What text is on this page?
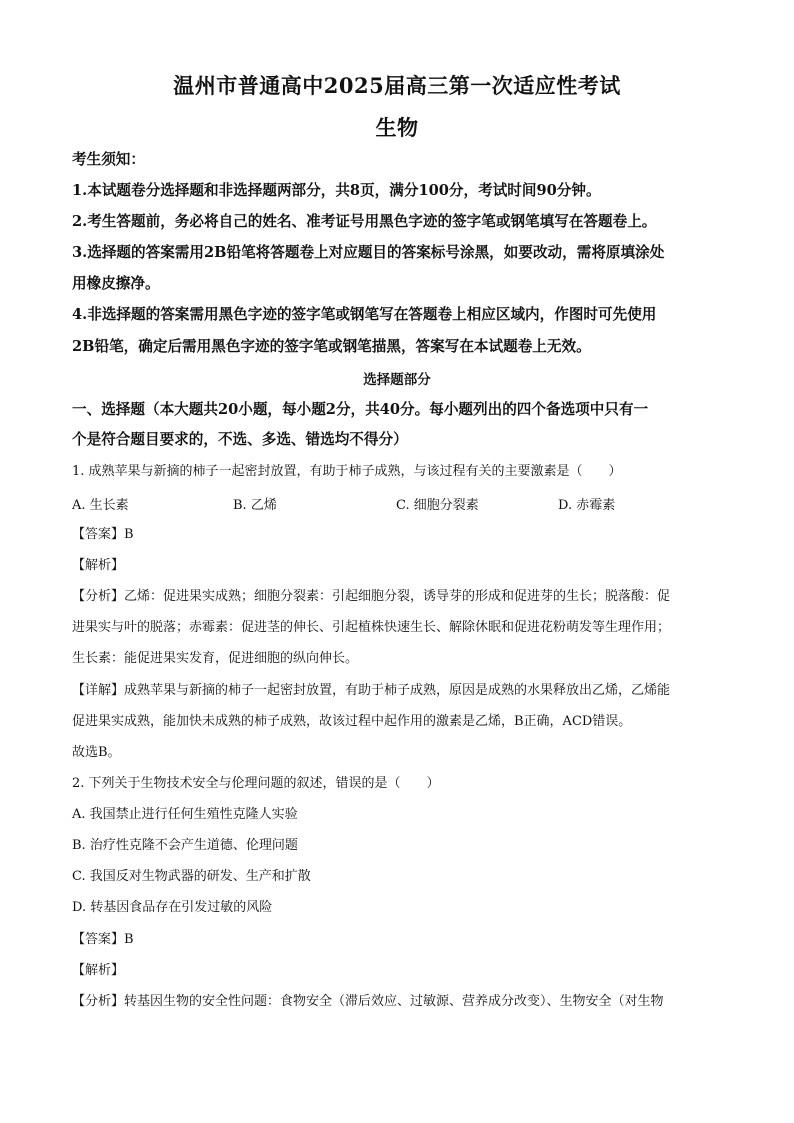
温州市普通高中2025届高三第一次适应性考试
生物
考生须知：
1.本试题卷分选择题和非选择题两部分，共8页，满分100分，考试时间90分钟。
2.考生答题前，务必将自己的姓名、准考证号用黑色字迹的签字笔或钢笔填写在答题卷上。
3.选择题的答案需用2B铅笔将答题卷上对应题目的答案标号涂黑，如要改动，需将原填涂处
用橡皮擦净。
4.非选择题的答案需用黑色字迹的签字笔或钢笔写在答题卷上相应区域内，作图时可先使用
2B铅笔，确定后需用黑色字迹的签字笔或钢笔描黑，答案写在本试题卷上无效。
选择题部分
一、选择题（本大题共20小题，每小题2分，共40分。每小题列出的四个备选项中只有一
个是符合题目要求的，不选、多选、错选均不得分）
1. 成熟苹果与新摘的柿子一起密封放置，有助于柿子成熟，与该过程有关的主要激素是（　　）
A. 生长素	B. 乙烯	C. 细胞分裂素	D. 赤霉素
【答案】B
【解析】
【分析】乙烯：促进果实成熟；细胞分裂素：引起细胞分裂，诱导芽的形成和促进芽的生长；脱落酸：促
进果实与叶的脱落；赤霉素：促进茎的伸长、引起植株快速生长、解除休眠和促进花粉萌发等生理作用；
生长素：能促进果实发育，促进细胞的纵向伸长。
【详解】成熟苹果与新摘的柿子一起密封放置，有助于柿子成熟，原因是成熟的水果释放出乙烯，乙烯能
促进果实成熟，能加快未成熟的柿子成熟，故该过程中起作用的激素是乙烯，B正确，ACD错误。
故选B。
2. 下列关于生物技术安全与伦理问题的叙述，错误的是（　　）
A. 我国禁止进行任何生殖性克隆人实验
B. 治疗性克隆不会产生道德、伦理问题
C. 我国反对生物武器的研发、生产和扩散
D. 转基因食品存在引发过敏的风险
【答案】B
【解析】
【分析】转基因生物的安全性问题：食物安全（滞后效应、过敏源、营养成分改变）、生物安全（对生物
